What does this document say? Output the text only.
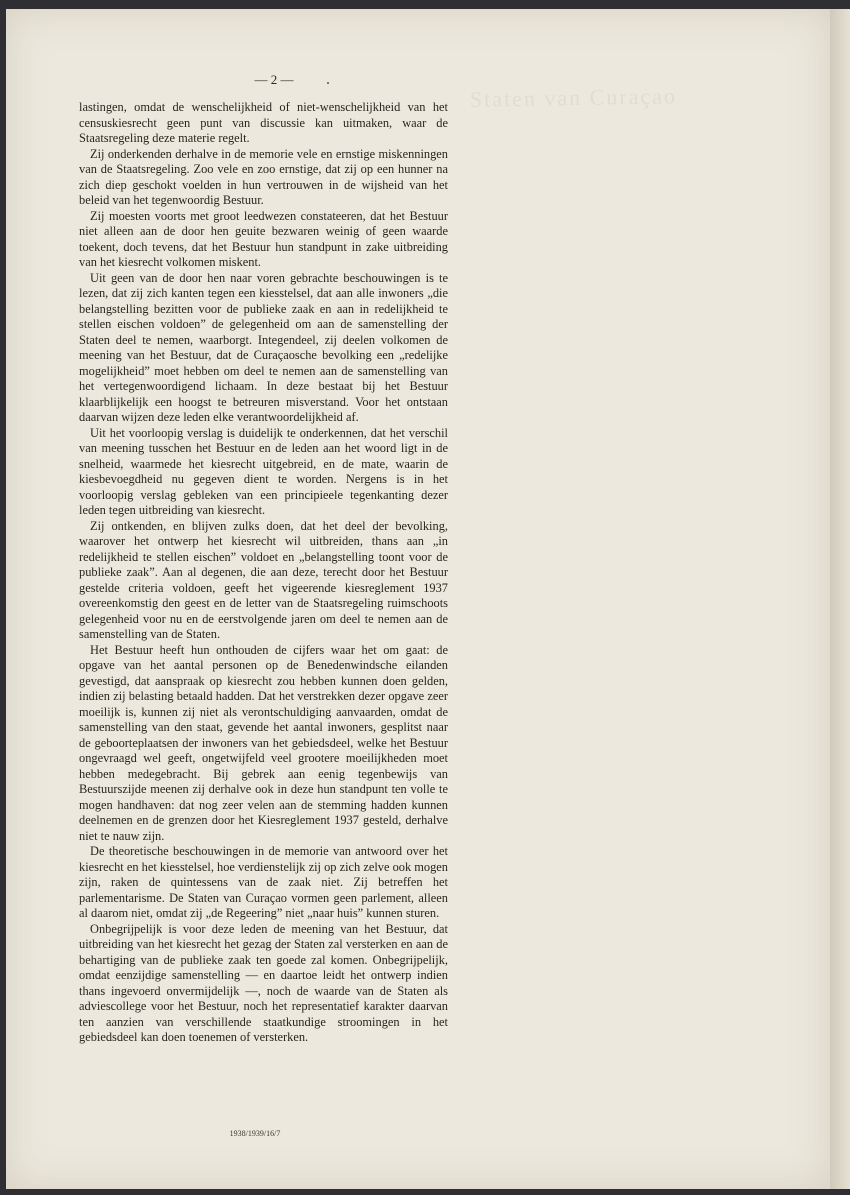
Staten van Curaçao
— 2 —

lastingen, omdat de wenschelijkheid of niet-wenschelijkheid van het censuskiesrecht geen punt van discussie kan uitmaken, waar de Staatsregeling deze materie regelt.

Zij onderkenden derhalve in de memorie vele en ernstige miskenningen van de Staatsregeling. Zoo vele en zoo ernstige, dat zij op een hunner na zich diep geschokt voelden in hun vertrouwen in de wijsheid van het beleid van het tegenwoordig Bestuur.

Zij moesten voorts met groot leedwezen constateeren, dat het Bestuur niet alleen aan de door hen geuite bezwaren weinig of geen waarde toekent, doch tevens, dat het Bestuur hun standpunt in zake uitbreiding van het kiesrecht volkomen miskent.

Uit geen van de door hen naar voren gebrachte beschouwingen is te lezen, dat zij zich kanten tegen een kiesstelsel, dat aan alle inwoners „die belangstelling bezitten voor de publieke zaak en aan in redelijkheid te stellen eischen voldoen” de gelegenheid om aan de samenstelling der Staten deel te nemen, waarborgt. Integendeel, zij deelen volkomen de meening van het Bestuur, dat de Curaçaosche bevolking een „redelijke mogelijkheid” moet hebben om deel te nemen aan de samenstelling van het vertegenwoordigend lichaam. In deze bestaat bij het Bestuur klaarblijkelijk een hoogst te betreuren misverstand. Voor het ontstaan daarvan wijzen deze leden elke verantwoordelijkheid af.

Uit het voorloopig verslag is duidelijk te onderkennen, dat het verschil van meening tusschen het Bestuur en de leden aan het woord ligt in de snelheid, waarmede het kiesrecht uitgebreid, en de mate, waarin de kiesbevoegdheid nu gegeven dient te worden. Nergens is in het voorloopig verslag gebleken van een principieele tegenkanting dezer leden tegen uitbreiding van kiesrecht.

Zij ontkenden, en blijven zulks doen, dat het deel der bevolking, waarover het ontwerp het kiesrecht wil uitbreiden, thans aan „in redelijkheid te stellen eischen” voldoet en „belangstelling toont voor de publieke zaak”. Aan al degenen, die aan deze, terecht door het Bestuur gestelde criteria voldoen, geeft het vigeerende kiesreglement 1937 overeenkomstig den geest en de letter van de Staatsregeling ruimschoots gelegenheid voor nu en de eerstvolgende jaren om deel te nemen aan de samenstelling van de Staten.

Het Bestuur heeft hun onthouden de cijfers waar het om gaat: de opgave van het aantal personen op de Benedenwindsche eilanden gevestigd, dat aanspraak op kiesrecht zou hebben kunnen doen gelden, indien zij belasting betaald hadden. Dat het verstrekken dezer opgave zeer moeilijk is, kunnen zij niet als verontschuldiging aanvaarden, omdat de samenstelling van den staat, gevende het aantal inwoners, gesplitst naar de geboorteplaatsen der inwoners van het gebiedsdeel, welke het Bestuur ongevraagd wel geeft, ongetwijfeld veel grootere moeilijkheden moet hebben medegebracht. Bij gebrek aan eenig tegenbewijs van Bestuurszijde meenen zij derhalve ook in deze hun standpunt ten volle te mogen handhaven: dat nog zeer velen aan de stemming hadden kunnen deelnemen en de grenzen door het Kiesreglement 1937 gesteld, derhalve niet te nauw zijn.

De theoretische beschouwingen in de memorie van antwoord over het kiesrecht en het kiesstelsel, hoe verdienstelijk zij op zich zelve ook mogen zijn, raken de quintessens van de zaak niet. Zij betreffen het parlementarisme. De Staten van Curaçao vormen geen parlement, alleen al daarom niet, omdat zij „de Regeering” niet „naar huis” kunnen sturen.

Onbegrijpelijk is voor deze leden de meening van het Bestuur, dat uitbreiding van het kiesrecht het gezag der Staten zal versterken en aan de behartiging van de publieke zaak ten goede zal komen. Onbegrijpelijk, omdat eenzijdige samenstelling — en daartoe leidt het ontwerp indien thans ingevoerd onvermijdelijk —, noch de waarde van de Staten als adviescollege voor het Bestuur, noch het representatief karakter daarvan ten aanzien van verschillende staatkundige stroomingen in het gebiedsdeel kan doen toenemen of versterken.

1938/1939/16/7
